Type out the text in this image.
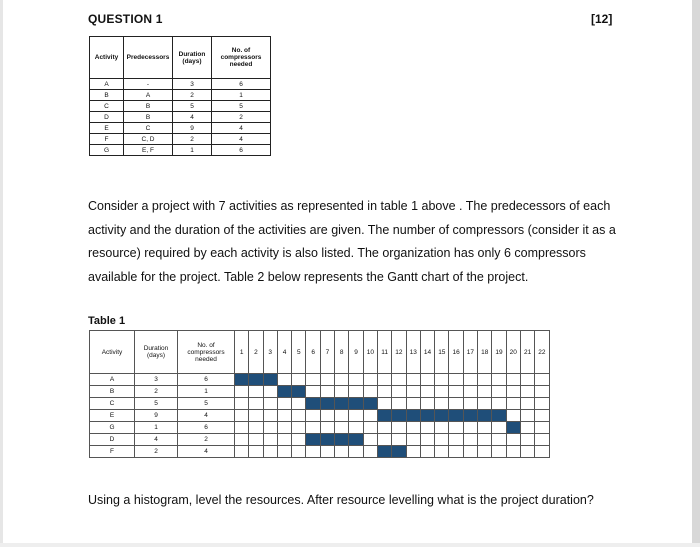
QUESTION 1	[12]
Activity	Predecessors	Duration (days)	No. of compressors needed
A	-	3	6
B	A	2	1
C	B	5	5
D	B	4	2
E	C	9	4
F	C, D	2	4
G	E, F	1	6
Consider a project with 7 activities as represented in table 1 above . The predecessors of each activity and the duration of the activities are given. The number of compressors (consider it as a resource) required by each activity is also listed. The organization has only 6 compressors available for the project. Table 2 below represents the Gantt chart of the project.
Table 1
Activity	Duration (days)	No. of compressors needed	1	2	3	4	5	6	7	8	9	10	11	12	13	14	15	16	17	18	19	20	21	22
A	3	6																						
B	2	1																						
C	5	5																						
E	9	4																						
G	1	6																						
D	4	2																						
F	2	4																						
Using a histogram, level the resources. After resource levelling what is the project duration?
